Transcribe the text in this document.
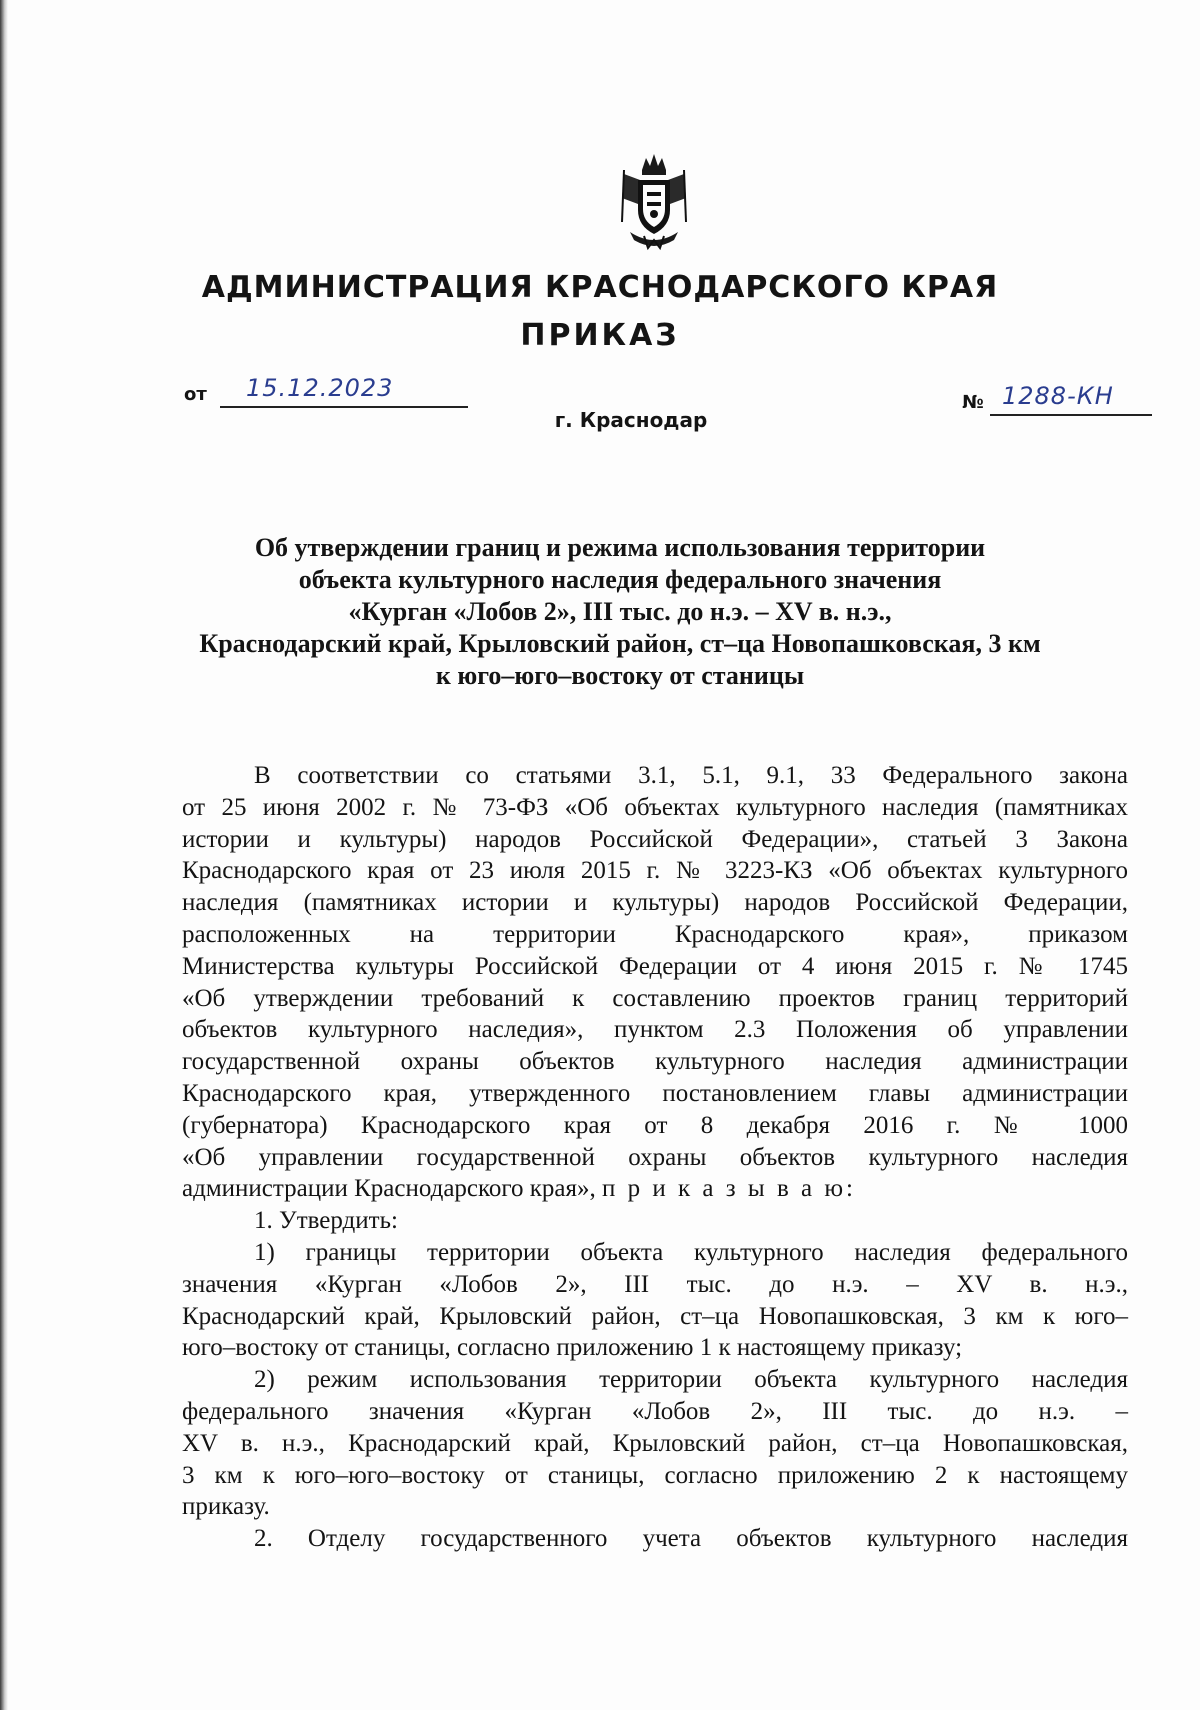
АДМИНИСТРАЦИЯ КРАСНОДАРСКОГО КРАЯ
ПРИКАЗ
от 15.12.2023
г. Краснодар
№ 1288-КН
Об утверждении границ и режима использования территории
объекта культурного наследия федерального значения
«Курган «Лобов 2», III тыс. до н.э. – XV в. н.э.,
Краснодарский край, Крыловский район, ст–ца Новопашковская, 3 км
к юго–юго–востоку от станицы
В соответствии со статьями 3.1, 5.1, 9.1, 33 Федерального закона
от 25 июня 2002 г. № 73-ФЗ «Об объектах культурного наследия (памятниках
истории и культуры) народов Российской Федерации», статьей 3 Закона
Краснодарского края от 23 июля 2015 г. № 3223-КЗ «Об объектах культурного
наследия (памятниках истории и культуры) народов Российской Федерации,
расположенных на территории Краснодарского края», приказом
Министерства культуры Российской Федерации от 4 июня 2015 г. № 1745
«Об утверждении требований к составлению проектов границ территорий
объектов культурного наследия», пунктом 2.3 Положения об управлении
государственной охраны объектов культурного наследия администрации
Краснодарского края, утвержденного постановлением главы администрации
(губернатора) Краснодарского края от 8 декабря 2016 г. № 1000
«Об управлении государственной охраны объектов культурного наследия
администрации Краснодарского края», п р и к а з ы в а ю:
1. Утвердить:
1) границы территории объекта культурного наследия федерального
значения «Курган «Лобов 2», III тыс. до н.э. – XV в. н.э.,
Краснодарский край, Крыловский район, ст–ца Новопашковская, 3 км к юго–
юго–востоку от станицы, согласно приложению 1 к настоящему приказу;
2) режим использования территории объекта культурного наследия
федерального значения «Курган «Лобов 2», III тыс. до н.э. –
XV в. н.э., Краснодарский край, Крыловский район, ст–ца Новопашковская,
3 км к юго–юго–востоку от станицы, согласно приложению 2 к настоящему
приказу.
2. Отделу государственного учета объектов культурного наследия
